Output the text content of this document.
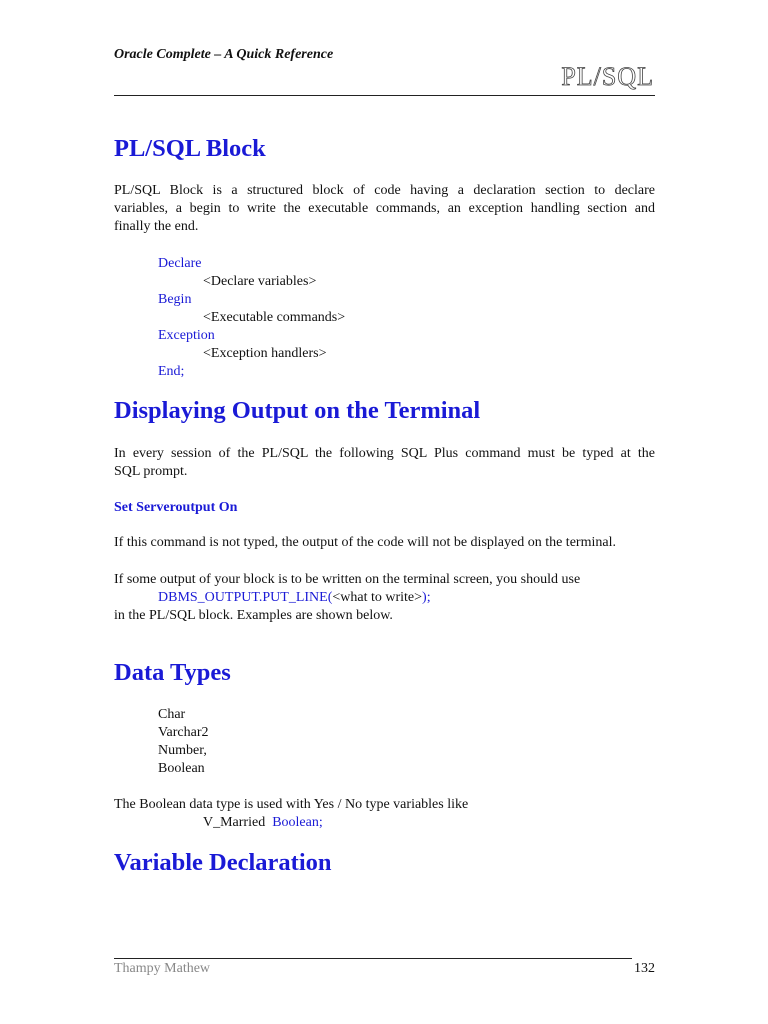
Oracle Complete – A Quick Reference
PL/SQL
PL/SQL Block
PL/SQL Block is a structured block of code having a declaration section to declare
variables, a begin to write the executable commands, an exception handling section and
finally the end.
Declare
<Declare variables>
Begin
<Executable commands>
Exception
<Exception handlers>
End;
Displaying Output on the Terminal
In every session of the PL/SQL the following SQL Plus command must be typed at the
SQL prompt.
Set Serveroutput On
If this command is not typed, the output of the code will not be displayed on the terminal.
If some output of your block is to be written on the terminal screen, you should use
DBMS_OUTPUT.PUT_LINE(<what to write>);
in the PL/SQL block. Examples are shown below.
Data Types
Char
Varchar2
Number,
Boolean
The Boolean data type is used with Yes / No type variables like
V_Married Boolean;
Variable Declaration
Thampy Mathew	132
